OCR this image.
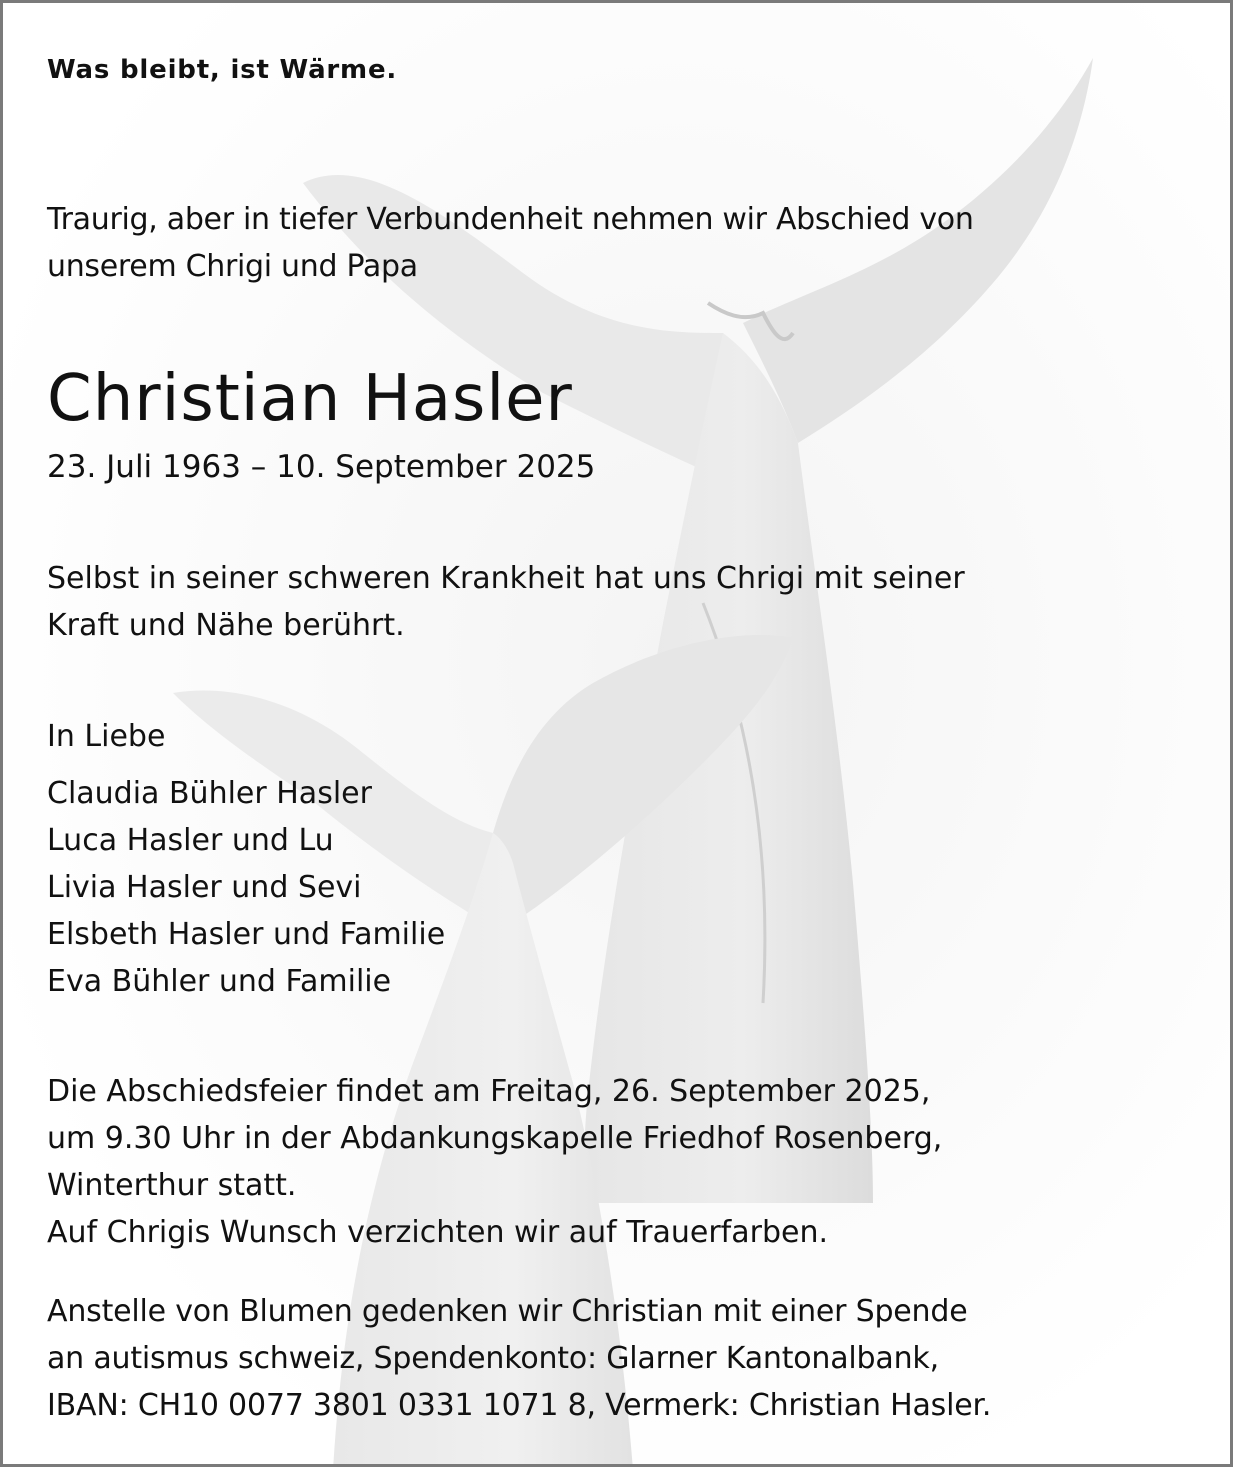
Was bleibt, ist Wärme.

Traurig, aber in tiefer Verbundenheit nehmen wir Abschied von
unserem Chrigi und Papa

Christian Hasler

23. Juli 1963 – 10. September 2025

Selbst in seiner schweren Krankheit hat uns Chrigi mit seiner
Kraft und Nähe berührt.

In Liebe

Claudia Bühler Hasler
Luca Hasler und Lu
Livia Hasler und Sevi
Elsbeth Hasler und Familie
Eva Bühler und Familie

Die Abschiedsfeier findet am Freitag, 26. September 2025,
um 9.30 Uhr in der Abdankungskapelle Friedhof Rosenberg,
Winterthur statt.
Auf Chrigis Wunsch verzichten wir auf Trauerfarben.

Anstelle von Blumen gedenken wir Christian mit einer Spende
an autismus schweiz, Spendenkonto: Glarner Kantonalbank,
IBAN: CH10 0077 3801 0331 1071 8, Vermerk: Christian Hasler.
